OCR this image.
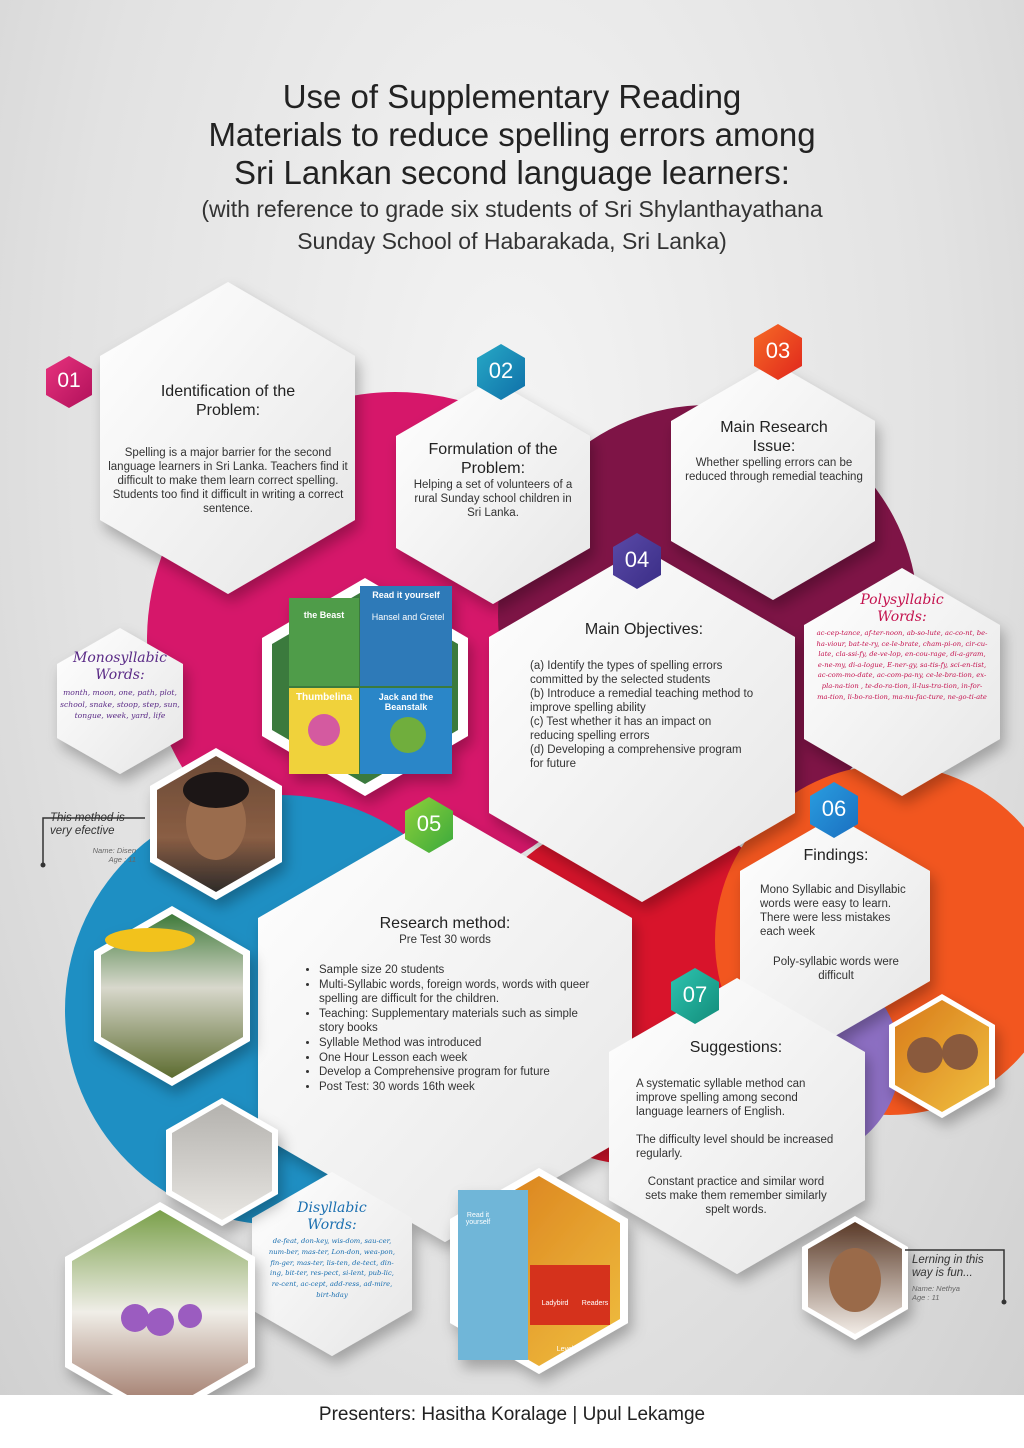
Use of Supplementary Reading
Materials to reduce spelling errors among
Sri Lankan second language learners:
(with reference to grade six students of Sri Shylanthayathana
Sunday School of Habarakada, Sri Lanka)
01	02
03
04
05
06
07
Identification of the Problem:

Spelling is a major barrier for the second language learners in Sri Lanka. Teachers find it difficult to make them learn correct spelling. Students too find it difficult in writing a correct sentence.

Formulation of the Problem:

Helping a set of volunteers of a rural Sunday school children in Sri Lanka.

Main Research Issue:

Whether spelling errors can be reduced through remedial teaching

Main Objectives:

(a) Identify the types of spelling errors committed by the selected students

(b) Introduce a remedial teaching method to improve spelling ability

(c) Test whether it has an impact on reducing spelling errors

(d) Developing a comprehensive program for future

Research method:

Pre Test 30 words

• Sample size 20 students
• Multi-Syllabic words, foreign words, words with queer spelling are difficult for the children.
• Teaching: Supplementary materials such as simple story books
• Syllable Method was introduced
• One Hour Lesson each week
• Develop a Comprehensive program for future
• Post Test: 30 words 16th week
Findings:

Mono Syllabic and Disyllabic words were easy to learn. There were less mistakes each week

Poly-syllabic words were difficult

Suggestions:

A systematic syllable method can improve spelling among second language learners of English.

The difficulty level should be increased regularly.

Constant practice and similar word sets make them remember similarly spelt words.

Monosyllabic
Words:
month, moon, one, path, plot, school, snake, stoop, step, sun, tongue, week, yard, life
Polysyllabic
Words:
ac-cep-tance, af-ter-noon, ab-so-lute, ac-co-nt, be-ha-viour, bat-te-ry, ce-le-brate, cham-pi-on, cir-cu-late, cla-ssi-fy, de-ve-lop, en-cou-rage, di-a-gram, e-ne-my, di-a-logue, E-ner-gy, sa-tis-fy, sci-en-tist, ac-com-mo-date, ac-com-pa-ny, ce-le-bra-tion, ex-pla-na-tion , te-do-ra-tion, il-lus-tra-tion, in-for-ma-tion, li-bo-ra-tion, ma-nu-fac-ture, ne-go-ti-ate
Disyllabic
Words:
de-feat, don-key, wis-dom, sau-cer, num-ber, mas-ter, Lon-don, wea-pon, fin-ger, mas-ter, lis-ten, de-tect, din-ing, bit-ter, res-pect, si-lent, pub-lic, re-cent, ac-cept, add-ress, ad-mire, birt-hday
the Beast
Read it yourself
Hansel and Gretel
Thumbelina	Jack and the Beanstalk
Read it yourself
Ladybird	Readers
Level 3
This method is very efective
Name: Disen
Age : 11
Lerning in this way is fun...
Name: Nethya
Age : 11
Presenters: Hasitha Koralage | Upul Lekamge
